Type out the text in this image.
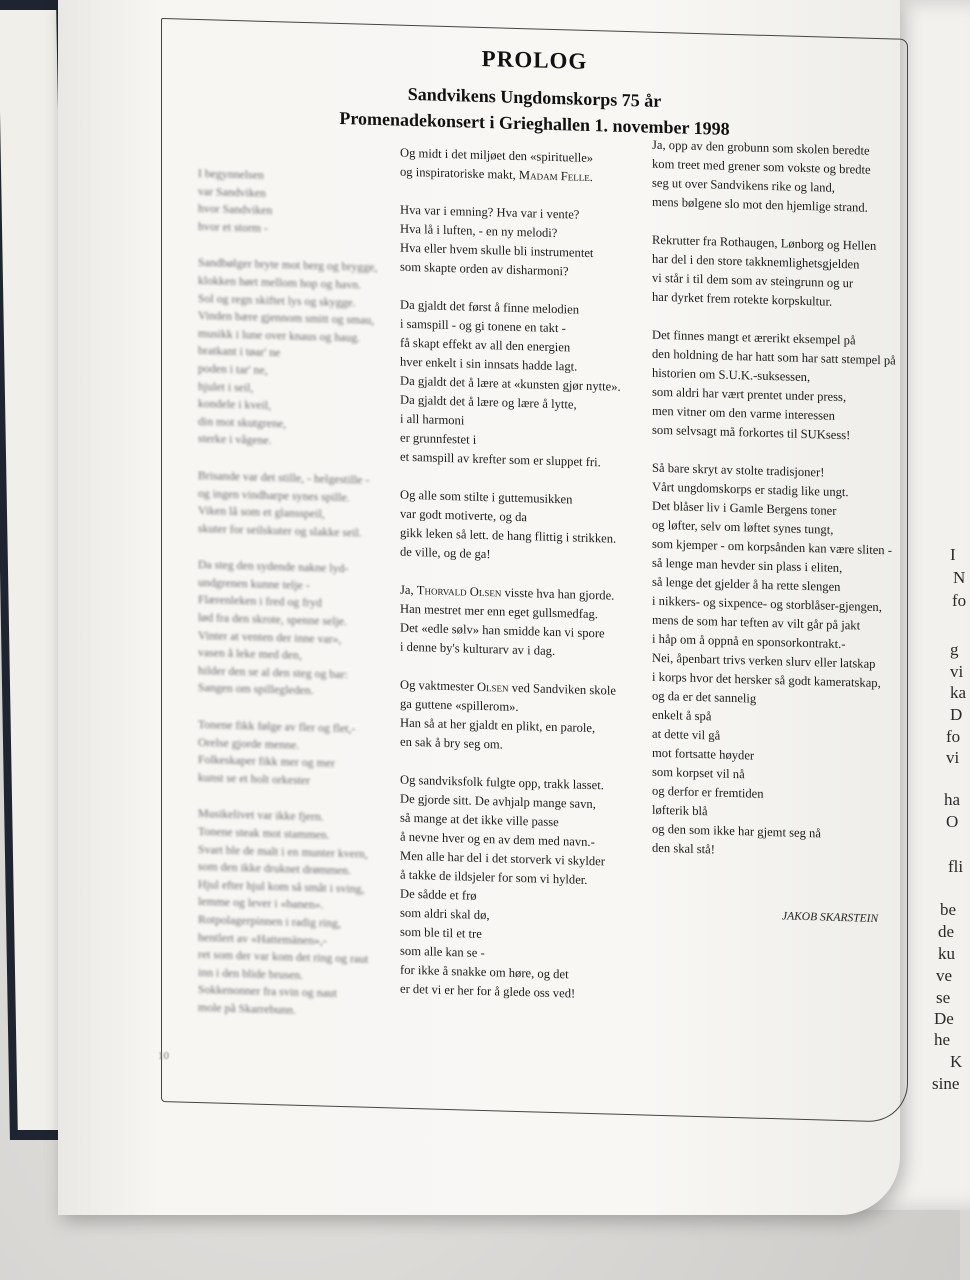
I
N
fo
g
vi
ka
D
fo
vi
ha
O
fli
be
de
ku
ve
se
De
he
K
sine
PROLOG
Sandvikens Ungdomskorps 75 år
Promenadekonsert i Grieghallen 1. november 1998
I begynnelsen
var Sandviken
hvor Sandviken
hvor et storm -
Sandbølger bryte mot berg og brygge,
klokken hørt mellom hop og havn.
Sol og regn skiftet lys og skygge.
Vinden bære gjennom smitt og smau,
musikk i lune over knaus og haug.
bratkant i tøar' ne
poden i tar' ne,
hjulet i seil,
kondele i kveil,
din mot skutgrene,
sterke i vågene.
Brisande var det stille, - helgestille -
og ingen vindharpe synes spille.
Viken lå som et glansspeil,
skuter for seilskuter og slakke seil.
Da steg den sydende nakne lyd-
undgrenen kunne telje -
Flærenleken i fred og fryd
lød fra den skrote, spenne selje.
Vinter at venten der inne var»,
vasen å leke med den,
hilder den se al den steg og bar:
Sangen om spillegleden.
Tonene fikk følge av fler og flet,-
Orelse gjorde menne.
Folkeskaper fikk mer og mer
kunst se et holt orkester
Musikelivet var ikke fjern.
Tonene steak mot stammen.
Svart ble de malt i en munter kvern,
som den ikke druknet drømmen.
Hjul efter hjul kom så småt i sving,
lemme og lever i «banen».
Rotpolagerpinnen i radig ring,
hentlert av «Hattemänen»,-
ret som der var kom det ring og raut
inn i den blide brusen.
Sokkenonner fra svin og naut
mole på Skarrebunn.
Og midt i det miljøet den «spirituelle»
og inspiratoriske makt, Madam Felle.
Hva var i emning? Hva var i vente?
Hva lå i luften, - en ny melodi?
Hva eller hvem skulle bli instrumentet
som skapte orden av disharmoni?
Da gjaldt det først å finne melodien
i samspill - og gi tonene en takt -
få skapt effekt av all den energien
hver enkelt i sin innsats hadde lagt.
Da gjaldt det å lære at «kunsten gjør nytte».
Da gjaldt det å lære og lære å lytte,
i all harmoni
er grunnfestet i
et samspill av krefter som er sluppet fri.
Og alle som stilte i guttemusikken
var godt motiverte, og da
gikk leken så lett. de hang flittig i strikken.
de ville, og de ga!
Ja, Thorvald Olsen visste hva han gjorde.
Han mestret mer enn eget gullsmedfag.
Det «edle sølv» han smidde kan vi spore
i denne by's kulturarv av i dag.
Og vaktmester Olsen ved Sandviken skole
ga guttene «spillerom».
Han så at her gjaldt en plikt, en parole,
en sak å bry seg om.
Og sandviksfolk fulgte opp, trakk lasset.
De gjorde sitt. De avhjalp mange savn,
så mange at det ikke ville passe
å nevne hver og en av dem med navn.-
Men alle har del i det storverk vi skylder
å takke de ildsjeler for som vi hylder.
De sådde et frø
som aldri skal dø,
som ble til et tre
som alle kan se -
for ikke å snakke om høre, og det
er det vi er her for å glede oss ved!
Ja, opp av den grobunn som skolen beredte
kom treet med grener som vokste og bredte
seg ut over Sandvikens rike og land,
mens bølgene slo mot den hjemlige strand.
Rekrutter fra Rothaugen, Lønborg og Hellen
har del i den store takknemlighetsgjelden
vi står i til dem som av steingrunn og ur
har dyrket frem rotekte korpskultur.
Det finnes mangt et ærerikt eksempel på
den holdning de har hatt som har satt stempel på
historien om S.U.K.-suksessen,
som aldri har vært prentet under press,
men vitner om den varme interessen
som selvsagt må forkortes til SUKsess!
Så bare skryt av stolte tradisjoner!
Vårt ungdomskorps er stadig like ungt.
Det blåser liv i Gamle Bergens toner
og løfter, selv om løftet synes tungt,
som kjemper - om korpsånden kan være sliten -
så lenge man hevder sin plass i eliten,
så lenge det gjelder å ha rette slengen
i nikkers- og sixpence- og storblåser-gjengen,
mens de som har teften av vilt går på jakt
i håp om å oppnå en sponsorkontrakt.-
Nei, åpenbart trivs verken slurv eller latskap
i korps hvor det hersker så godt kameratskap,
og da er det sannelig
enkelt å spå
at dette vil gå
mot fortsatte høyder
som korpset vil nå
og derfor er fremtiden
løfterik blå
og den som ikke har gjemt seg nå
den skal stå!
JAKOB SKARSTEIN
10
